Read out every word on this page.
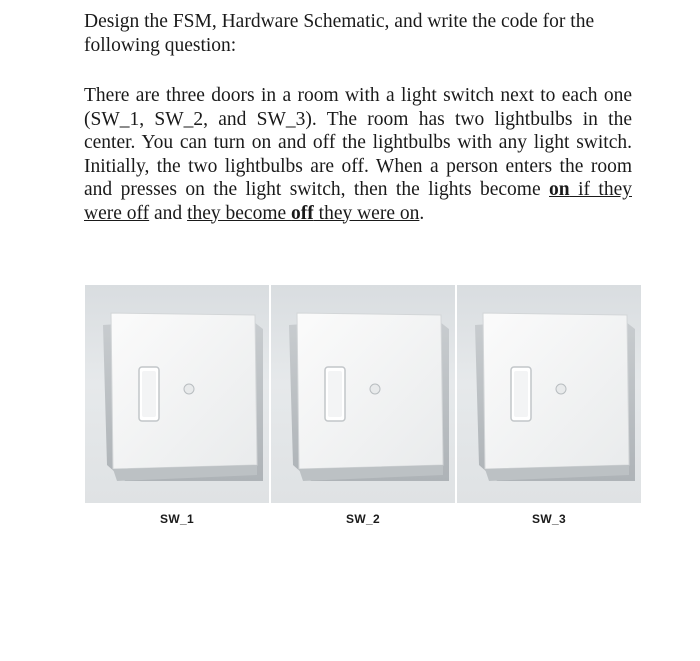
Design the FSM, Hardware Schematic, and write the code for the following question:

There are three doors in a room with a light switch next to each one (SW_1, SW_2, and SW_3). The room has two lightbulbs in the center. You can turn on and off the lightbulbs with any light switch. Initially, the two lightbulbs are off. When a person enters the room and presses on the light switch, then the lights become on if they were off and they become off they were on.

SW_1	SW_2	SW_3
